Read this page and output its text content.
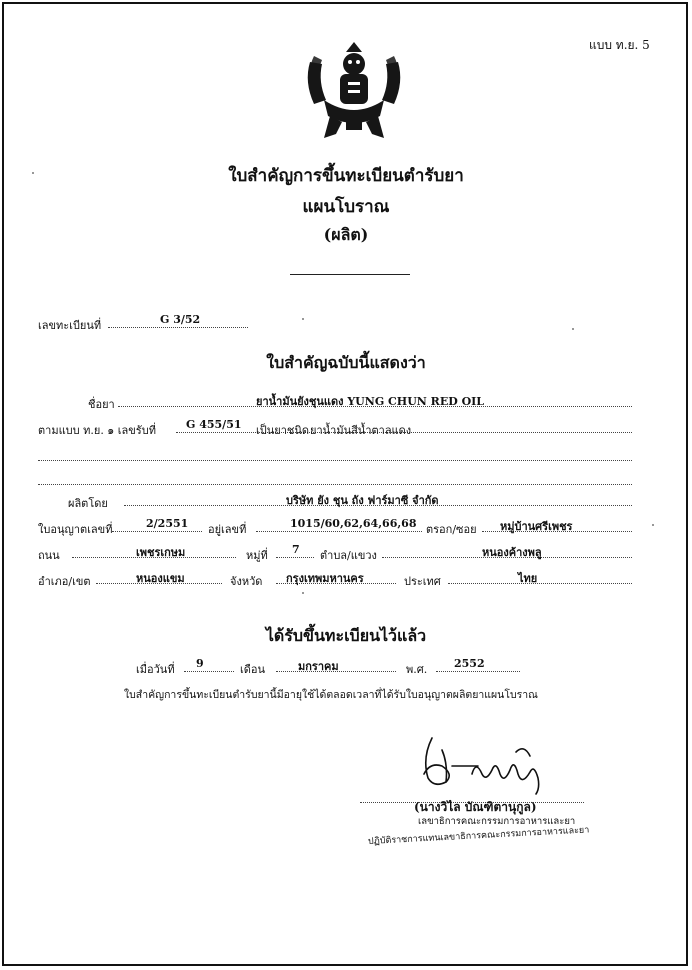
แบบ ท.ย. 5
ใบสำคัญการขึ้นทะเบียนตำรับยา
แผนโบราณ
(ผลิต)
เลขทะเบียนที่	G 3/52
ใบสำคัญฉบับนี้แสดงว่า
ชื่อยา	ยาน้ำมันยังชุนแดง YUNG CHUN RED OIL
ตามแบบ ท.ย. ๑ เลขรับที่	G 455/51 เป็นยาชนิด ยาน้ำมันสีน้ำตาลแดง
ผลิตโดย	บริษัท ยัง ชุน ถัง ฟาร์มาซี จำกัด
ใบอนุญาตเลขที่	2/2551 อยู่เลขที่	1015/60,62,64,66,68 ตรอก/ซอย หมู่บ้านศรีเพชร
ถนน	เพชรเกษม	หมู่ที่ 7 ตำบล/แขวง	หนองค้างพลู
อำเภอ/เขต	หนองแขม	จังหวัด กรุงเทพมหานคร	ประเทศ	ไทย
ได้รับขึ้นทะเบียนไว้แล้ว
เมื่อวันที่ 9	เดือน	มกราคม	พ.ศ. 2552
ใบสำคัญการขึ้นทะเบียนตำรับยานี้มีอายุใช้ได้ตลอดเวลาที่ได้รับใบอนุญาตผลิตยาแผนโบราณ
(นางวิไล บัณฑิตานุกูล)
เลขาธิการคณะกรรมการอาหารและยา
ปฏิบัติราชการแทนเลขาธิการคณะกรรมการอาหารและยา
